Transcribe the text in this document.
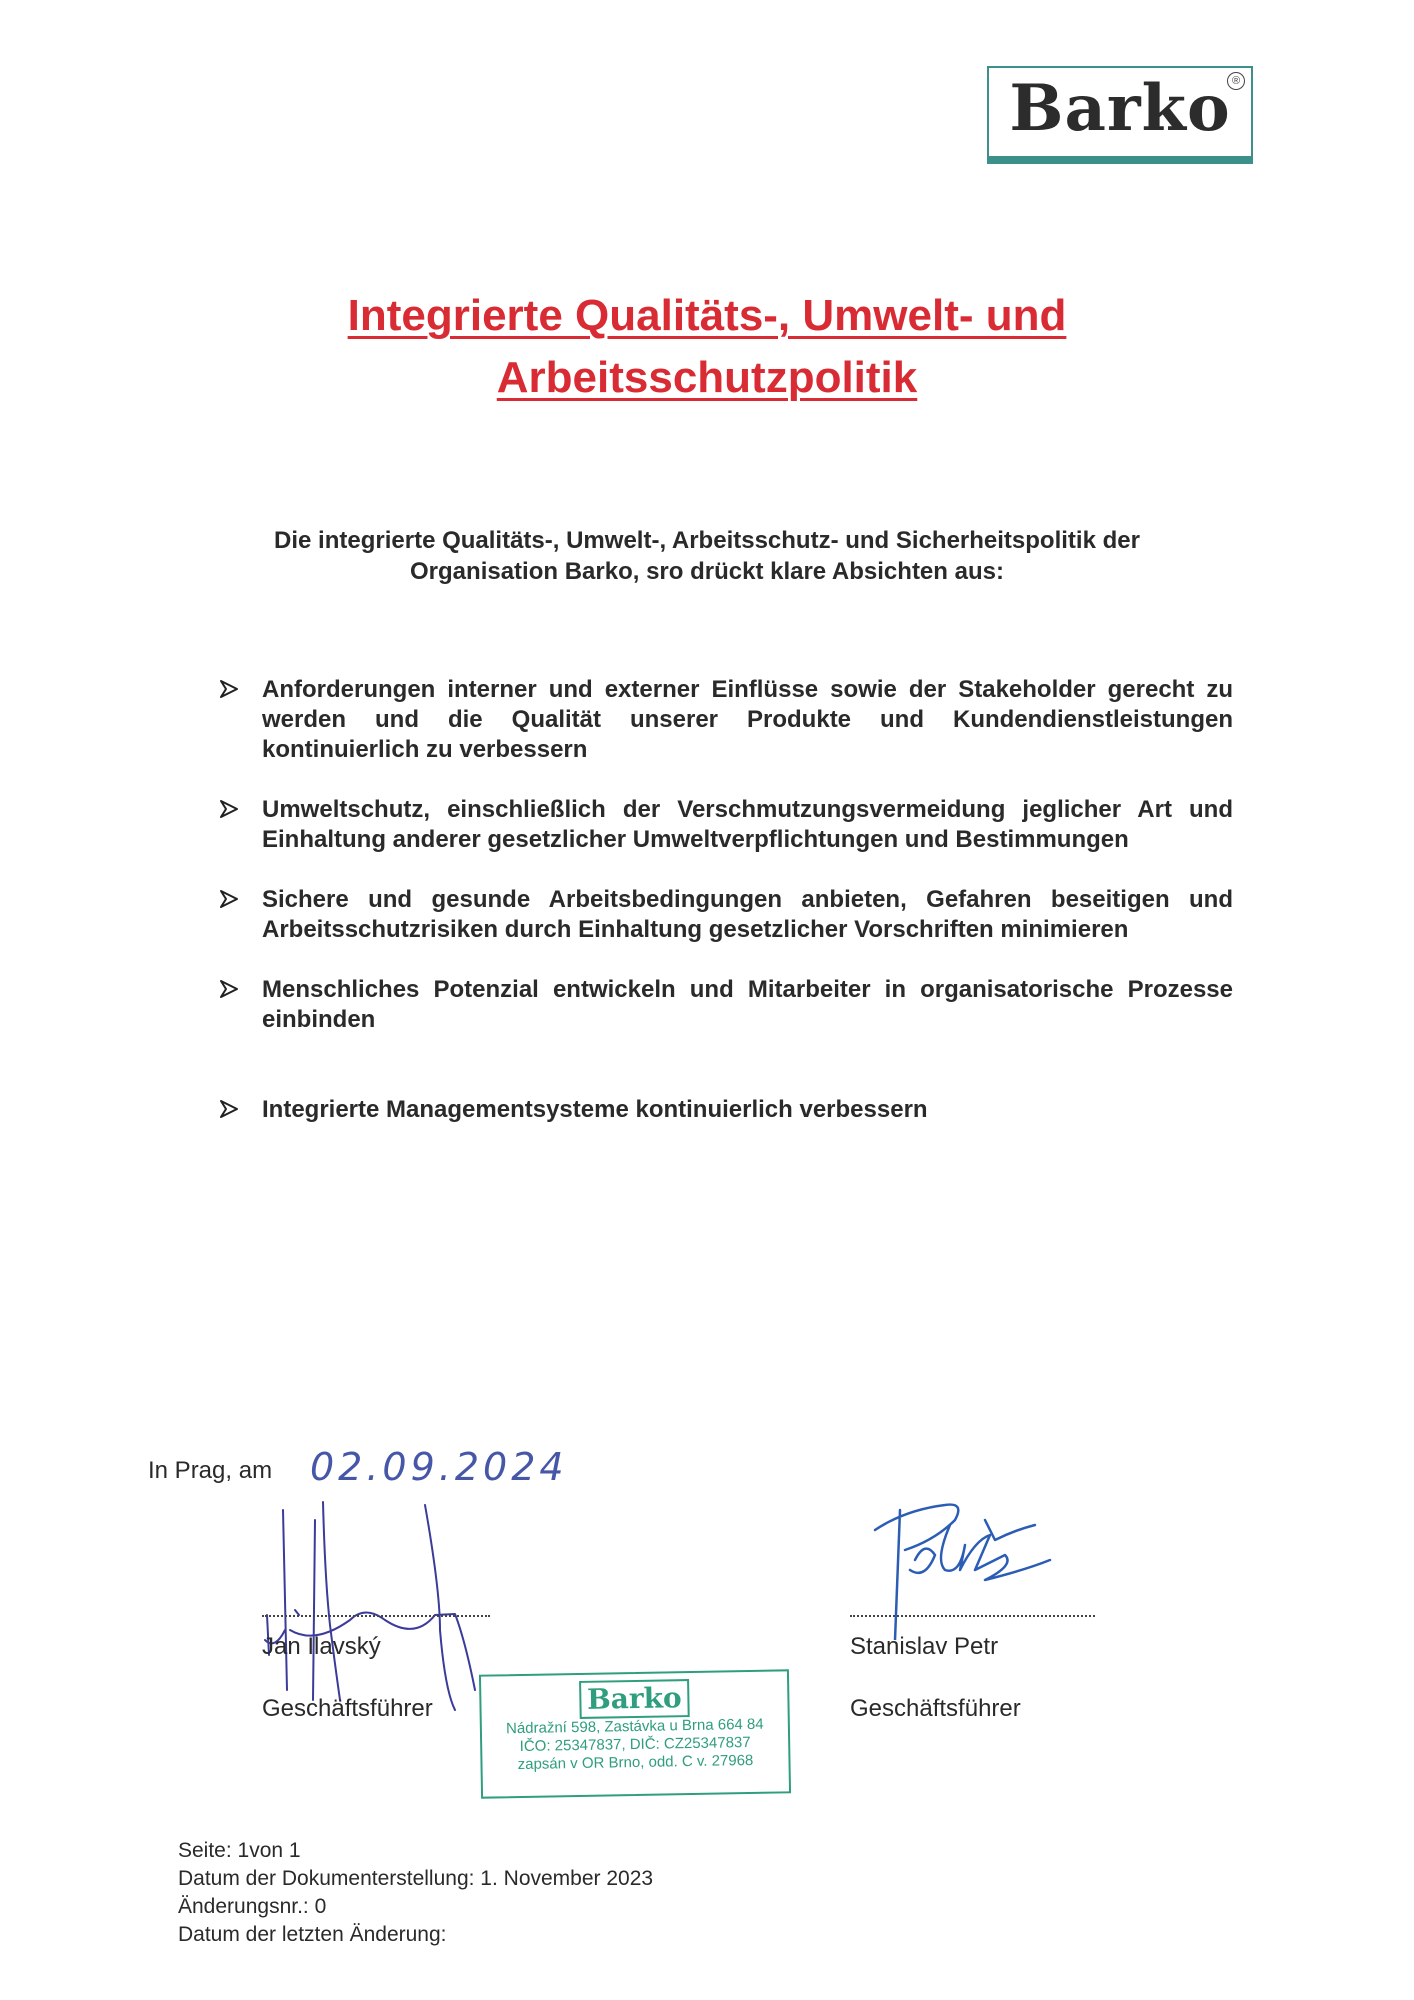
Barko ®
Integrierte Qualitäts-, Umwelt- und
Arbeitsschutzpolitik
Die integrierte Qualitäts-, Umwelt-, Arbeitsschutz- und Sicherheitspolitik der
Organisation Barko, sro drückt klare Absichten aus:
Anforderungen interner und externer Einflüsse sowie der Stakeholder gerecht zu werden und die Qualität unserer Produkte und Kundendienstleistungen kontinuierlich zu verbessern
Umweltschutz, einschließlich der Verschmutzungsvermeidung jeglicher Art und Einhaltung anderer gesetzlicher Umweltverpflichtungen und Bestimmungen
Sichere und gesunde Arbeitsbedingungen anbieten, Gefahren beseitigen und Arbeitsschutzrisiken durch Einhaltung gesetzlicher Vorschriften minimieren
Menschliches Potenzial entwickeln und Mitarbeiter in organisatorische Prozesse einbinden
Integrierte Managementsysteme kontinuierlich verbessern
In Prag, am 02.09.2024
Jan Ilavský
Geschäftsführer
Stanislav Petr
Geschäftsführer
Barko
Nádražní 598, Zastávka u Brna 664 84
IČO: 25347837, DIČ: CZ25347837
zapsán v OR Brno, odd. C v. 27968
Seite: 1von 1
Datum der Dokumenterstellung: 1. November 2023
Änderungsnr.: 0
Datum der letzten Änderung:
